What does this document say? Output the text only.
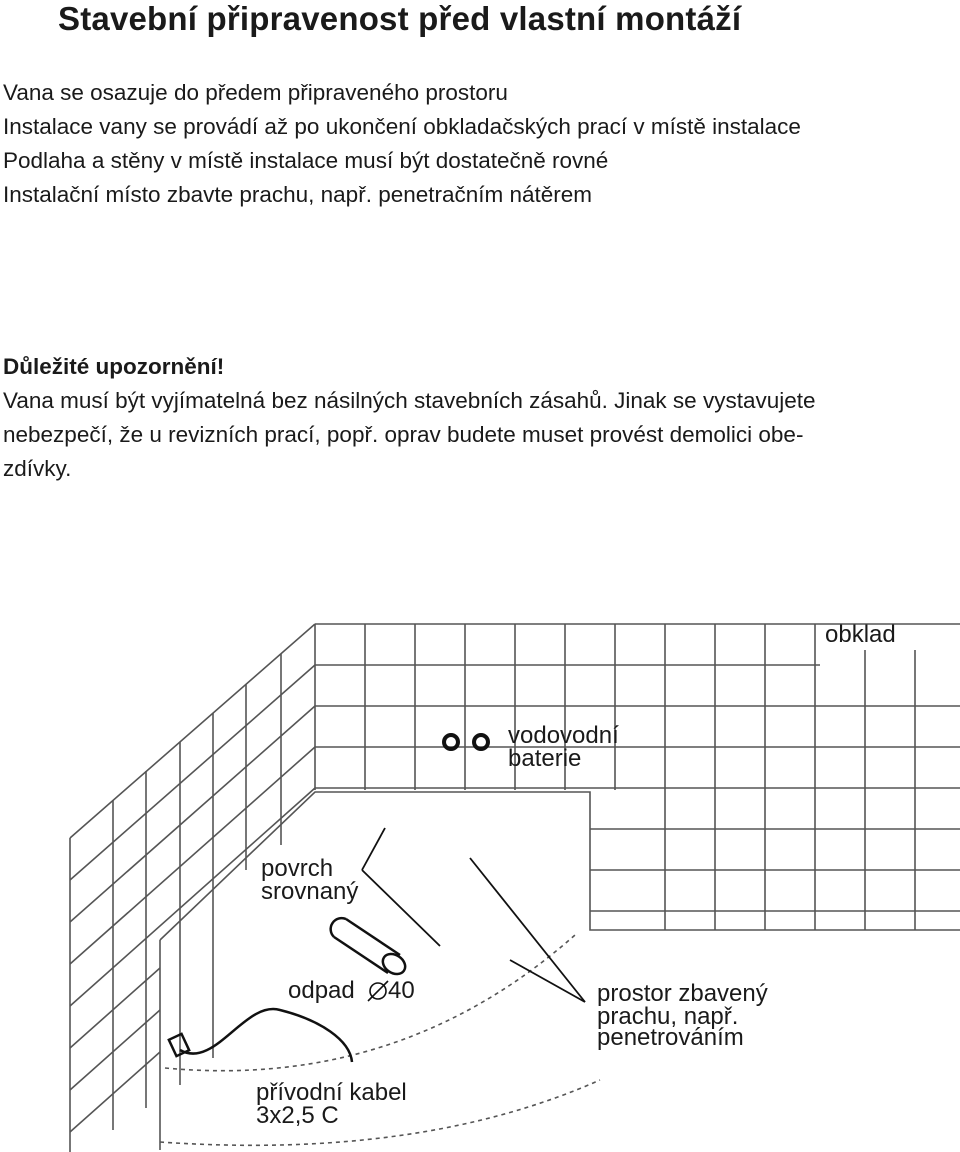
Stavební připravenost před vlastní montáží
Vana se osazuje do předem připraveného prostoru
Instalace vany se provádí až po ukončení obkladačských prací v místě instalace
Podlaha a stěny v místě instalace musí být dostatečně rovné
Instalační místo zbavte prachu, např. penetračním nátěrem
Důležité upozornění!
Vana musí být vyjímatelná bez násilných stavebních zásahů. Jinak se vystavujete
nebezpečí, že u revizních prací, popř. oprav budete muset provést demolici obe-
zdívky.
obklad
vodovodní
baterie
povrch
srovnaný
odpad 40	prostor zbavený
prachu, např.
penetrováním
přívodní kabel
3x2,5 C
